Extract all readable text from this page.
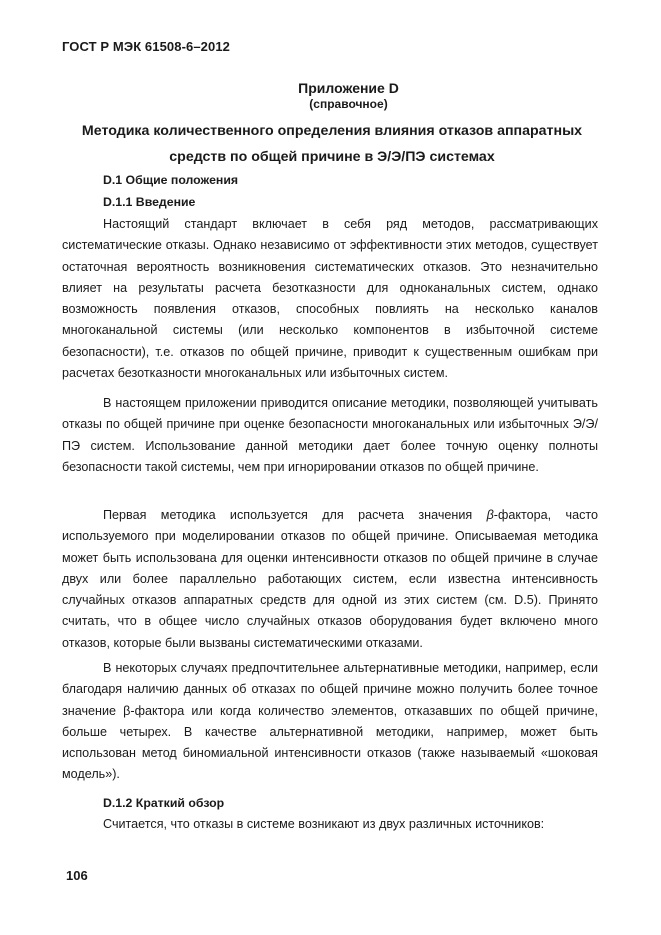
ГОСТ Р МЭК 61508-6–2012
Приложение D
(справочное)
Методика количественного определения влияния отказов аппаратных средств по общей причине в Э/Э/ПЭ системах
D.1 Общие положения
D.1.1 Введение

Настоящий стандарт включает в себя ряд методов, рассматривающих систематические отказы. Однако независимо от эффективности этих методов, существует остаточная вероятность возникновения систематических отказов. Это незначительно влияет на результаты расчета безотказности для одноканальных систем, однако возможность появления отказов, способных повлиять на несколько каналов многоканальной системы (или несколько компонентов в избыточной системе безопасности), т.е. отказов по общей причине, приводит к существенным ошибкам при расчетах безотказности многоканальных или избыточных систем.

В настоящем приложении приводится описание методики, позволяющей учитывать отказы по общей причине при оценке безопасности многоканальных или избыточных Э/Э/ПЭ систем. Использование данной методики дает более точную оценку полноты безопасности такой системы, чем при игнорировании отказов по общей причине.

Первая методика используется для расчета значения β-фактора, часто используемого при моделировании отказов по общей причине. Описываемая методика может быть использована для оценки интенсивности отказов по общей причине в случае двух или более параллельно работающих систем, если известна интенсивность случайных отказов аппаратных средств для одной из этих систем (см. D.5). Принято считать, что в общее число случайных отказов оборудования будет включено много отказов, которые были вызваны систематическими отказами.

В некоторых случаях предпочтительнее альтернативные методики, например, если благодаря наличию данных об отказах по общей причине можно получить более точное значение β-фактора или когда количество элементов, отказавших по общей причине, больше четырех. В качестве альтернативной методики, например, может быть использован метод биномиальной интенсивности отказов (также называемый «шоковая модель»).

D.1.2 Краткий обзор

Считается, что отказы в системе возникают из двух различных источников:

106
